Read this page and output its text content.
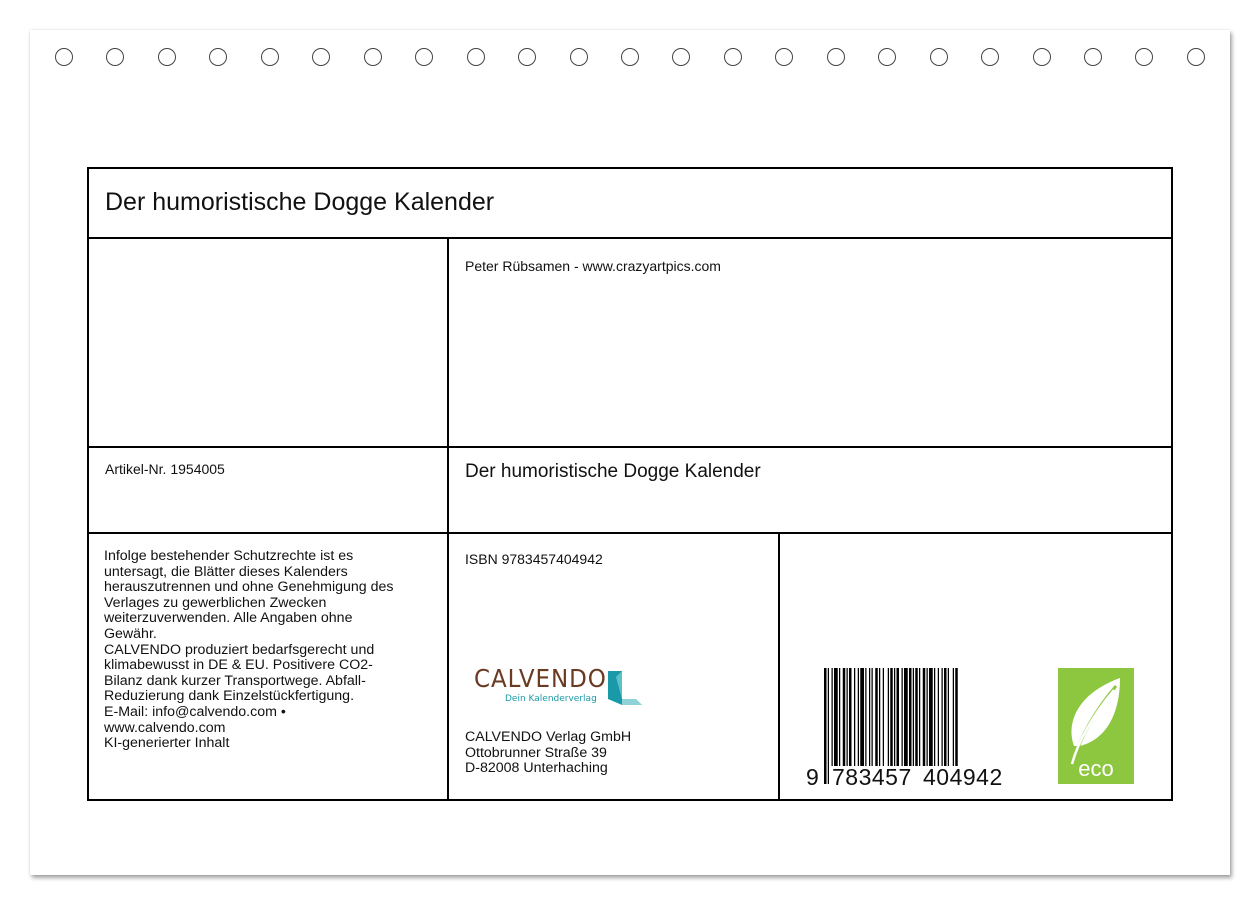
Der humoristische Dogge Kalender
Peter Rübsamen - www.crazyartpics.com
Artikel-Nr. 1954005	Der humoristische Dogge Kalender
ISBN 9783457404942
Infolge bestehender Schutzrechte ist es
untersagt, die Blätter dieses Kalenders
herauszutrennen und ohne Genehmigung des
Verlages zu gewerblichen Zwecken
weiterzuverwenden. Alle Angaben ohne
Gewähr.
CALVENDO produziert bedarfsgerecht und
klimabewusst in DE & EU. Positivere CO2-
Bilanz dank kurzer Transportwege. Abfall-
Reduzierung dank Einzelstückfertigung.
E-Mail: info@calvendo.com •
www.calvendo.com
KI-generierter Inhalt
CALVENDO
Dein Kalenderverlag
CALVENDO Verlag GmbH
Ottobrunner Straße 39
D-82008 Unterhaching	9 783457 404942	eco
